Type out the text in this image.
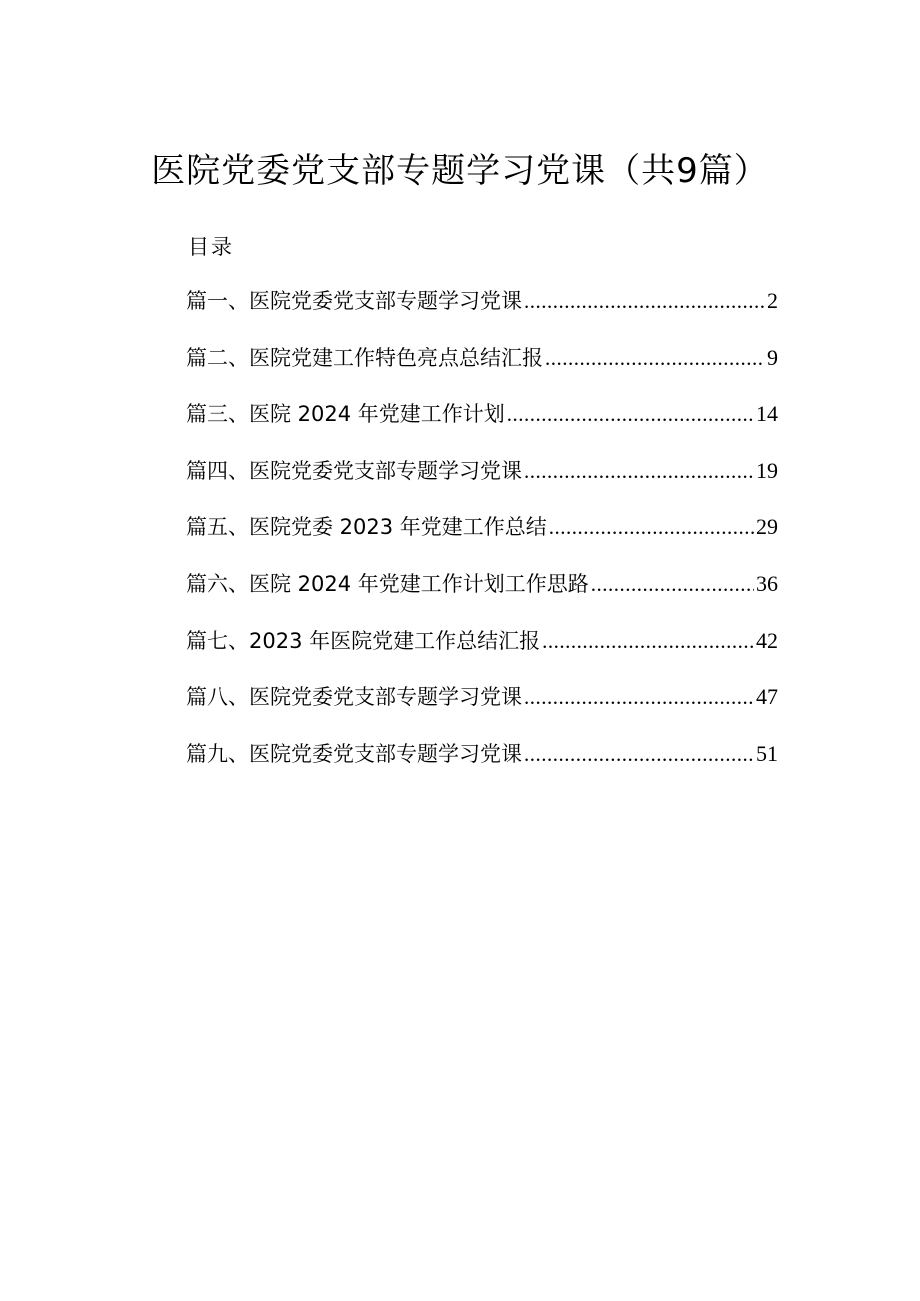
医院党委党支部专题学习党课（共9篇）
目录
篇一、医院党委党支部专题学习党课 .....	2
篇二、医院党建工作特色亮点总结汇报 .....	9
篇三、医院 2024 年党建工作计划 .....	14
篇四、医院党委党支部专题学习党课 .....	19
篇五、医院党委 2023 年党建工作总结 .....	29
篇六、医院 2024 年党建工作计划工作思路 .....	36
篇七、2023 年医院党建工作总结汇报 .....	42
篇八、医院党委党支部专题学习党课 .....	47
篇九、医院党委党支部专题学习党课 .....	51
